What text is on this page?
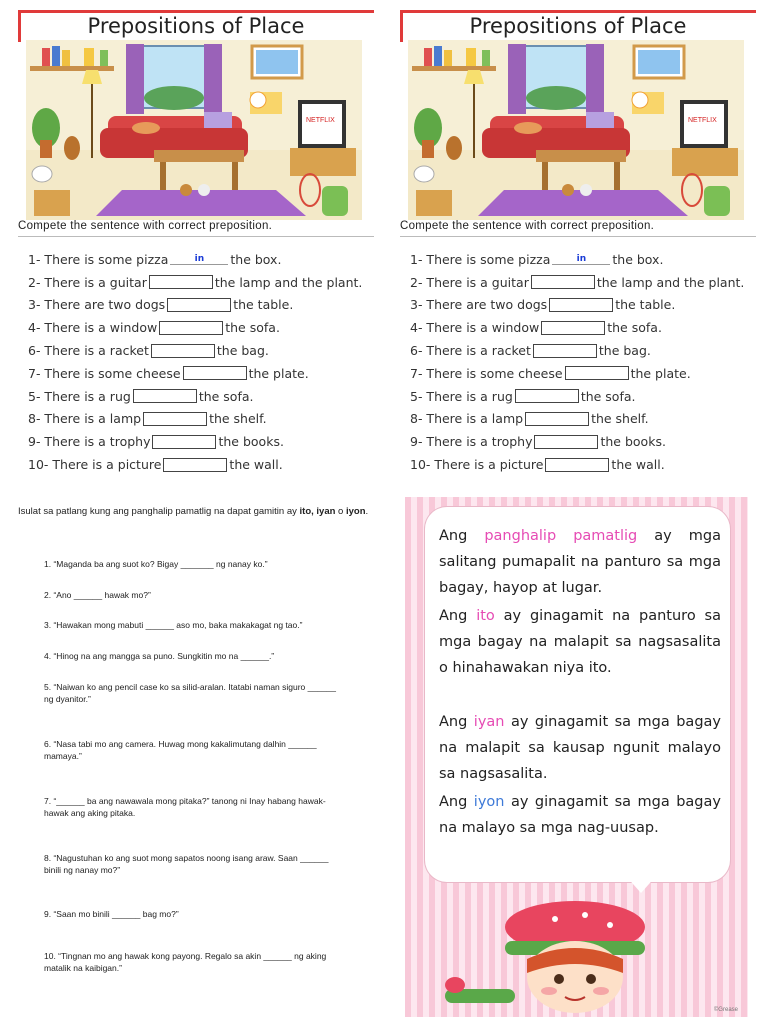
Prepositions of Place
NETFLIX
Compete the sentence with correct preposition.
1- There is some pizza	in	the box.
2- There is a guitar	the lamp and the plant.
3- There are two dogs	the table.
4- There is a window	the sofa.
6- There is a racket	the bag.
7- There is some cheese	the plate.
5- There is a rug	the sofa.
8- There is a lamp	the shelf.
9- There is a trophy	the books.
10- There is a picture	the wall.
Prepositions of Place
NETFLIX
Compete the sentence with correct preposition.
1- There is some pizza	in	the box.
2- There is a guitar	the lamp and the plant.
3- There are two dogs	the table.
4- There is a window	the sofa.
6- There is a racket	the bag.
7- There is some cheese	the plate.
5- There is a rug	the sofa.
8- There is a lamp	the shelf.
9- There is a trophy	the books.
10- There is a picture	the wall.
Isulat sa patlang kung ang panghalip pamatlig na dapat gamitin ay ito, iyan o iyon.
1. “Maganda ba ang suot ko? Bigay _______ ng nanay ko.”
2. “Ano ______ hawak mo?”
3. “Hawakan mong mabuti ______ aso mo, baka makakagat ng tao.”
4. “Hinog na ang mangga sa puno. Sungkitin mo na ______.”
5. “Naiwan ko ang pencil case ko sa silid-aralan. Itatabi naman siguro ______ ng dyanitor.”
6. “Nasa tabi mo ang camera. Huwag mong kakalimutang dalhin ______ mamaya.”
7. “______ ba ang nawawala mong pitaka?” tanong ni Inay habang hawak-hawak ang aking pitaka.
8. “Nagustuhan ko ang suot mong sapatos noong isang araw. Saan ______ binili ng nanay mo?”
9. “Saan mo binili ______ bag mo?”
10. “Tingnan mo ang hawak kong payong. Regalo sa akin ______ ng aking matalik na kaibigan.”
Ang panghalip pamatlig ay mga salitang pumapalit na panturo sa mga bagay, hayop at lugar.
Ang ito ay ginagamit na panturo sa mga bagay na malapit sa nagsasalita o hinahawakan niya ito.
Ang iyan ay ginagamit sa mga bagay na malapit sa kausap ngunit malayo sa nagsasalita.
Ang iyon ay ginagamit sa mga bagay na malayo sa mga nag-uusap.
©Grease
